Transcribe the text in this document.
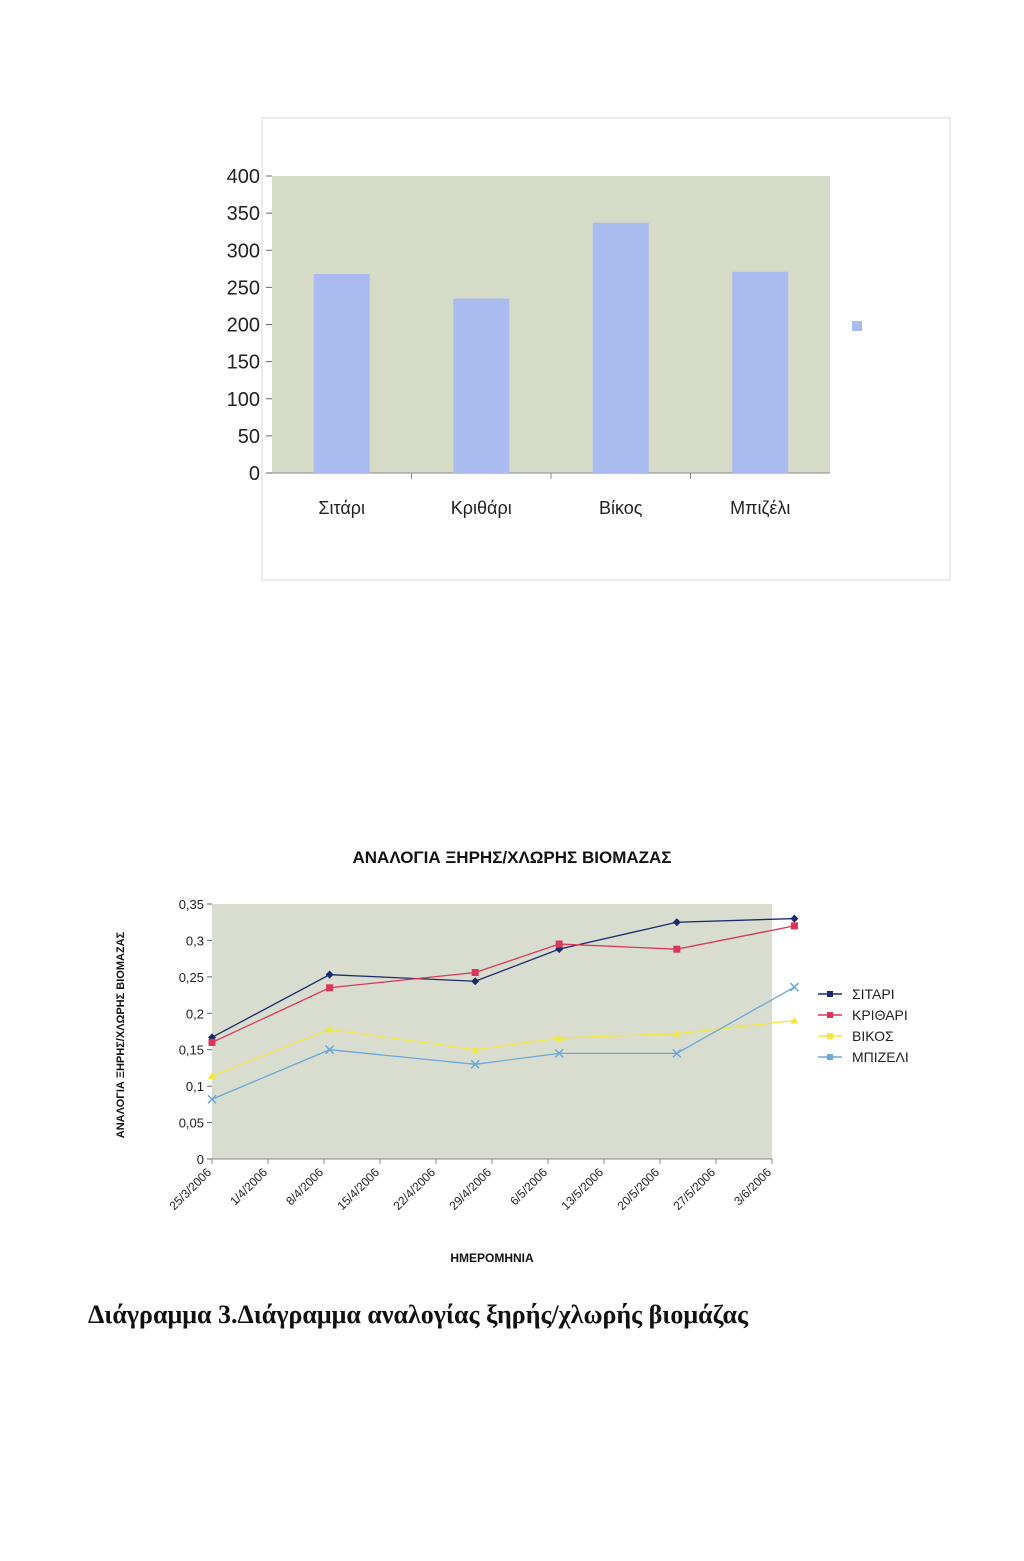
0
50
100
150
200
250
300
350
400
Σιτάρι	Κριθάρι	Βίκος	Μπιζέλι
ΑΝΑΛΟΓΙΑ ΞΗΡΗΣ/ΧΛΩΡΗΣ ΒΙΟΜΑΖΑΣ
ΑΝΑΛΟΓΙΑ ΞΗΡΗΣ/ΧΛΩΡΗΣ ΒΙΟΜΑΖΑΣ
0
0,05
0,1
0,15
0,2
0,25
0,3
0,35
25/3/2006 1/4/2006 8/4/2006 15/4/2006 22/4/2006 29/4/2006 6/5/2006 13/5/2006 20/5/2006 27/5/2006 3/6/2006
ΣΙΤΑΡΙ
ΚΡΙΘΑΡΙ
ΒΙΚΟΣ
ΜΠΙΖΕΛΙ
ΗΜΕΡΟΜΗΝΙΑ
Διάγραμμα 3.Διάγραμμα αναλογίας ξηρής/χλωρής βιομάζας
